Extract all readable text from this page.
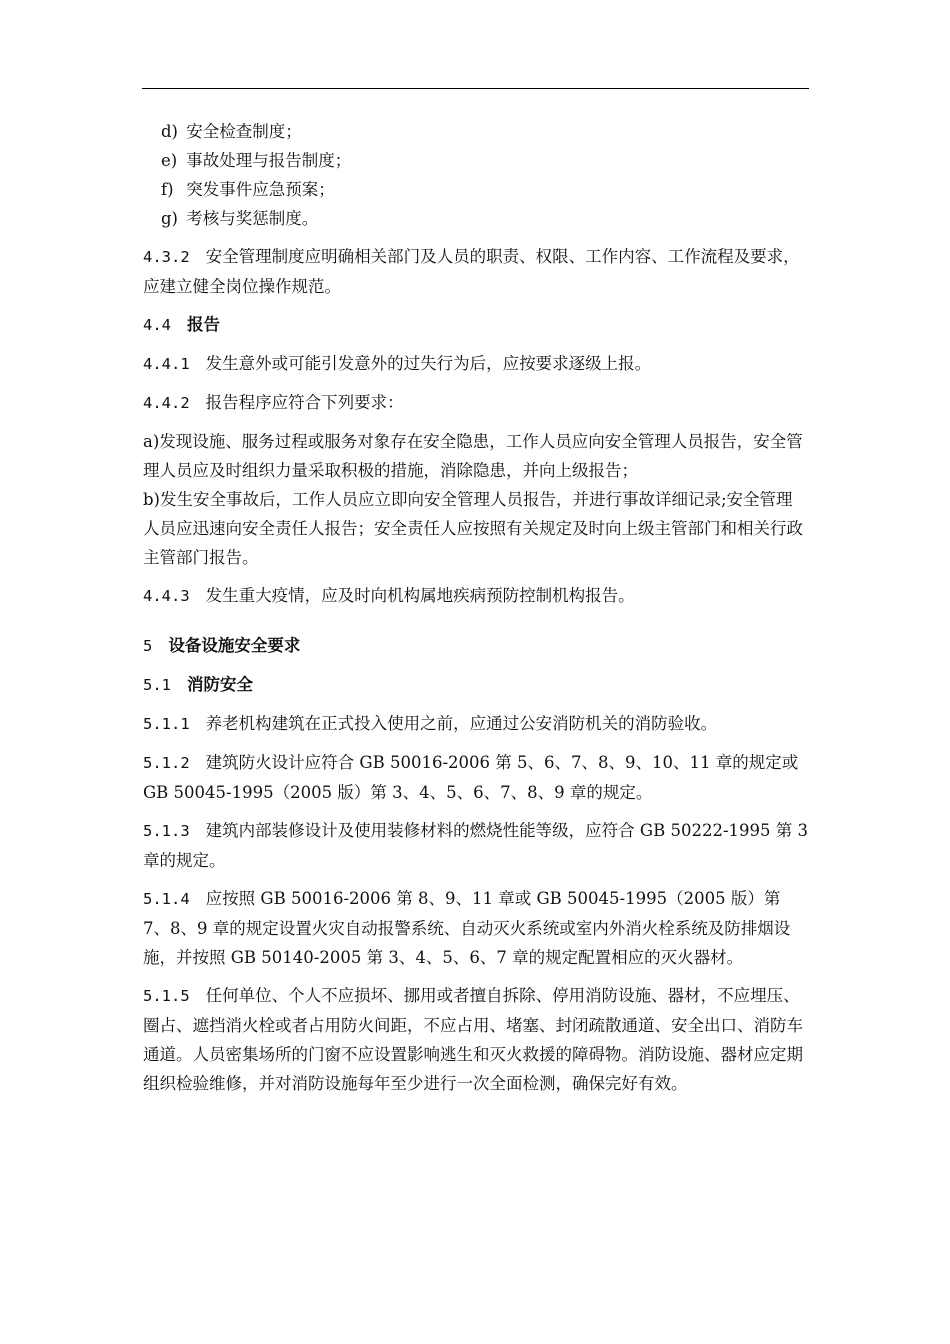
d) 安全检查制度；
e) 事故处理与报告制度；
f) 突发事件应急预案；
g) 考核与奖惩制度。
4.3.2 安全管理制度应明确相关部门及人员的职责、权限、工作内容、工作流程及要求，应建立健全岗位操作规范。
4.4 报告
4.4.1 发生意外或可能引发意外的过失行为后，应按要求逐级上报。
4.4.2 报告程序应符合下列要求：
a)发现设施、服务过程或服务对象存在安全隐患，工作人员应向安全管理人员报告，安全管理人员应及时组织力量采取积极的措施，消除隐患，并向上级报告；
b)发生安全事故后，工作人员应立即向安全管理人员报告，并进行事故详细记录;安全管理人员应迅速向安全责任人报告；安全责任人应按照有关规定及时向上级主管部门和相关行政主管部门报告。
4.4.3 发生重大疫情，应及时向机构属地疾病预防控制机构报告。
5 设备设施安全要求
5.1 消防安全
5.1.1 养老机构建筑在正式投入使用之前，应通过公安消防机关的消防验收。
5.1.2 建筑防火设计应符合 GB 50016-2006 第 5、6、7、8、9、10、11 章的规定或 GB 50045-1995（2005 版）第 3、4、5、6、7、8、9 章的规定。
5.1.3 建筑内部装修设计及使用装修材料的燃烧性能等级，应符合 GB 50222-1995 第 3 章的规定。
5.1.4 应按照 GB 50016-2006 第 8、9、11 章或 GB 50045-1995（2005 版）第 7、8、9 章的规定设置火灾自动报警系统、自动灭火系统或室内外消火栓系统及防排烟设施，并按照 GB 50140-2005 第 3、4、5、6、7 章的规定配置相应的灭火器材。
5.1.5 任何单位、个人不应损坏、挪用或者擅自拆除、停用消防设施、器材，不应埋压、圈占、遮挡消火栓或者占用防火间距，不应占用、堵塞、封闭疏散通道、安全出口、消防车通道。人员密集场所的门窗不应设置影响逃生和灭火救援的障碍物。消防设施、器材应定期组织检验维修，并对消防设施每年至少进行一次全面检测，确保完好有效。
